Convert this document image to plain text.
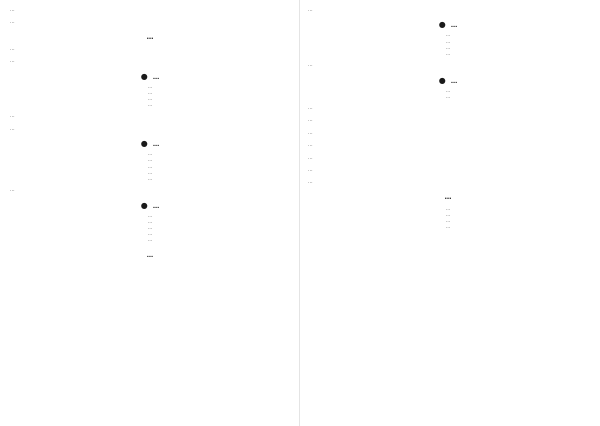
…

…

…

…

…

● …
…
…
…
…

…

…

● …
…
…
…
…
…

…

● …
…
…
…
…
…
…

…

● …
…
…
…
…

…

● …
…
…

…

…

…

…

…

…

…

…
…
…
…
…
